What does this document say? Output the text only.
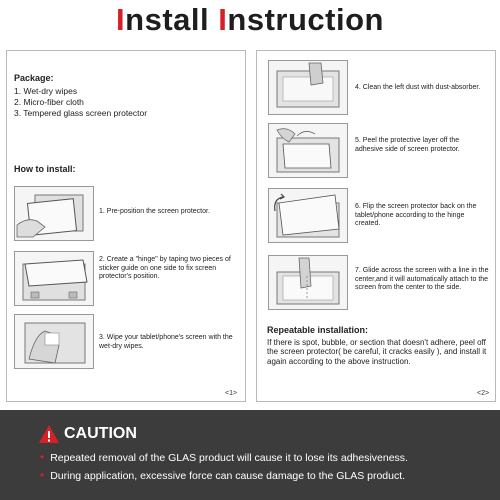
Install Instruction
Package:
1. Wet-dry wipes
2. Micro-fiber cloth
3. Tempered glass screen protector
How to install:
1. Pre-position the screen protector.
2. Create a "hinge" by taping two pieces of sticker guide on one side to fix screen protector's position.
3. Wipe your tablet/phone's screen with the wet-dry wipes.
<1>
4. Clean the left dust with dust-absorber.
5. Peel the protective layer off the adhesive side of screen protector.
6. Flip the screen protector back on the tablet/phone according to the hinge created.
7. Glide across the screen with a line in the center,and it will automatically attach to the screen from the center to the side.
Repeatable installation:
If there is spot, bubble, or section that doesn't adhere, peel off the screen protector( be careful, it cracks easily ), and install it again according to the above instruction.
<2>
CAUTION
• Repeated removal of the GLAS product will cause it to lose its adhesiveness.
• During application, excessive force can cause damage to the GLAS product.
